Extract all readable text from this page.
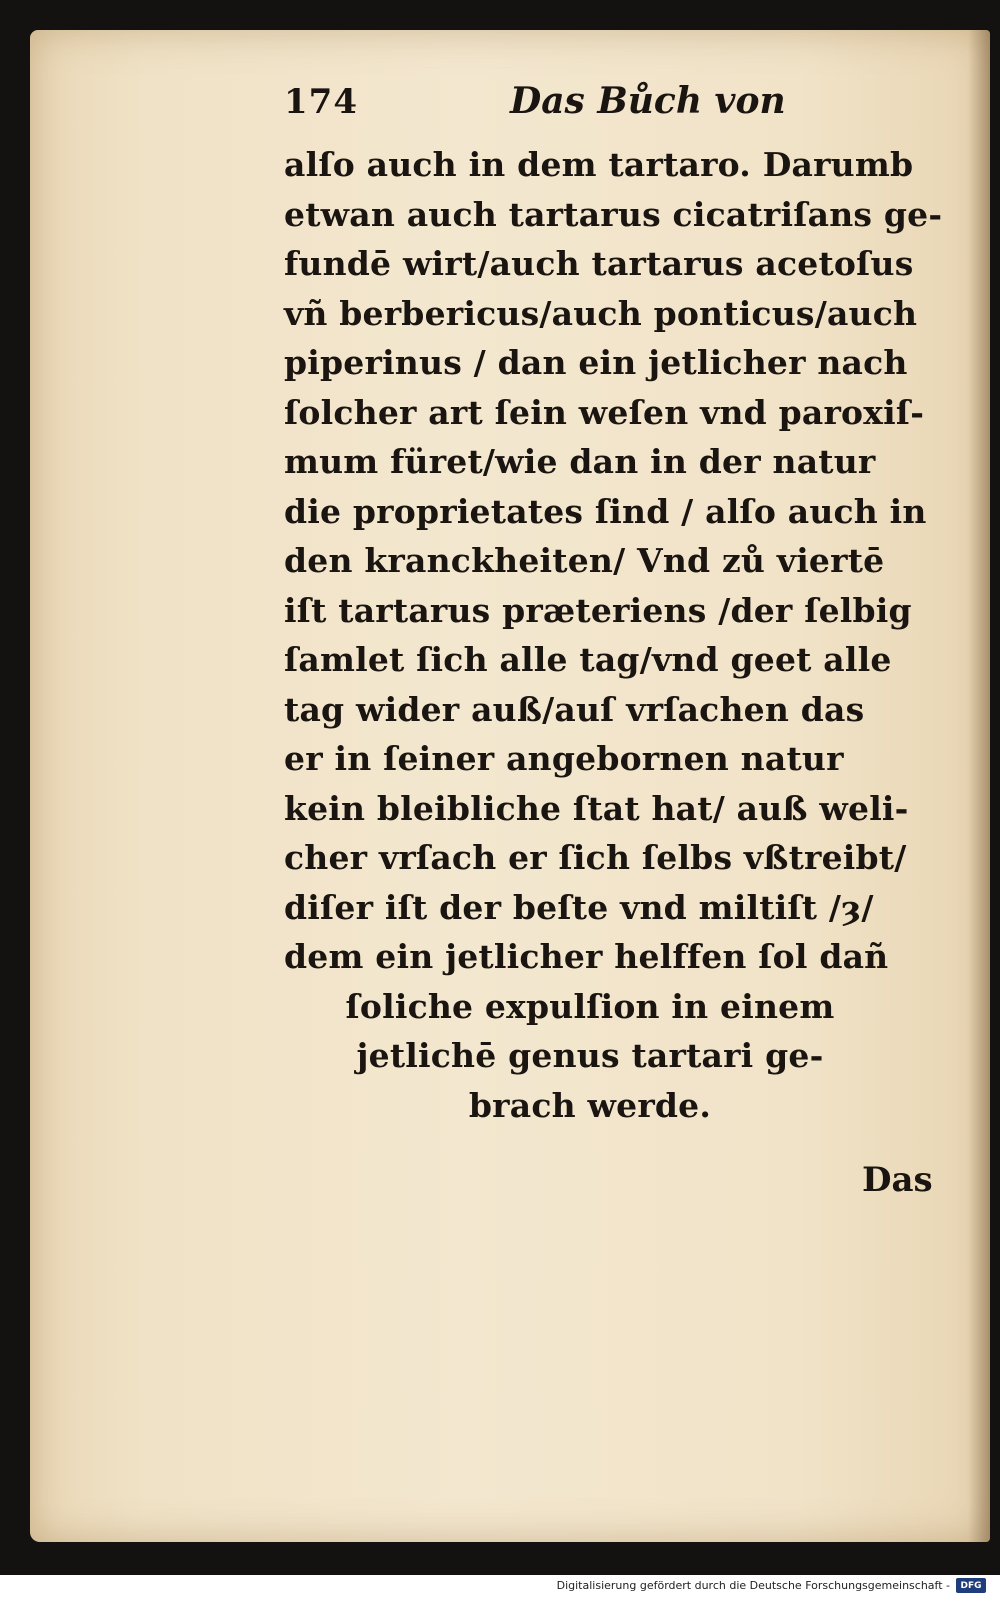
174	Das Bůch von
alſo auch in dem tartaro. Darumb
etwan auch tartarus cicatriſans ge-
fundē wirt/auch tartarus acetoſus
vñ berbericus/auch ponticus/auch
piperinus / dan ein jetlicher nach
ſolcher art ſein weſen vnd paroxiſ-
mum füret/wie dan in der natur
die proprietates ſind / alſo auch in
den kranckheiten/ Vnd zů viertē
iſt tartarus præteriens /der ſelbig
ſamlet ſich alle tag/vnd geet alle
tag wider auß/auſ vrſachen das
er in ſeiner angebornen natur
kein bleibliche ſtat hat/ auß weli-
cher vrſach er ſich ſelbs vßtreibt/
diſer iſt der beſte vnd miltiſt /ȝ/
dem ein jetlicher helffen ſol dañ
ſoliche expulſion in einem
jetlichē genus tartari ge-
brach werde.
Das
Digitalisierung gefördert durch die Deutsche Forschungsgemeinschaft -	DFG
